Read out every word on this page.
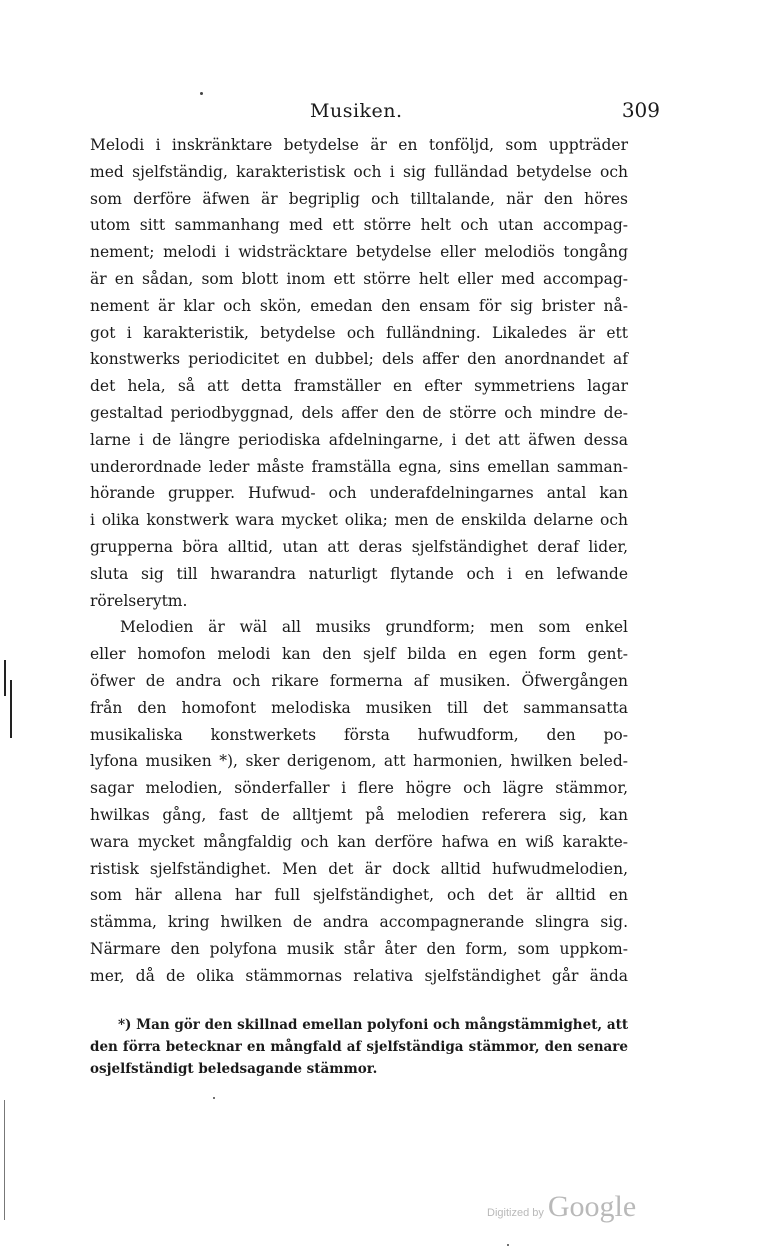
Musiken.	309
Melodi i inskränktare betydelse är en tonföljd, som uppträder
med sjelfständig, karakteristisk och i sig fulländad betydelse och
som derföre äfwen är begriplig och tilltalande, när den höres
utom sitt sammanhang med ett större helt och utan accompag-
nement; melodi i widsträcktare betydelse eller melodiös tongång
är en sådan, som blott inom ett större helt eller med accompag-
nement är klar och skön, emedan den ensam för sig brister nå-
got i karakteristik, betydelse och fulländning. Likaledes är ett
konstwerks periodicitet en dubbel; dels affer den anordnandet af
det hela, så att detta framställer en efter symmetriens lagar
gestaltad periodbyggnad, dels affer den de större och mindre de-
larne i de längre periodiska afdelningarne, i det att äfwen dessa
underordnade leder måste framställa egna, sins emellan samman-
hörande grupper. Hufwud- och underafdelningarnes antal kan
i olika konstwerk wara mycket olika; men de enskilda delarne och
grupperna böra alltid, utan att deras sjelfständighet deraf lider,
sluta sig till hwarandra naturligt flytande och i en lefwande
rörelserytm.
Melodien är wäl all musiks grundform; men som enkel
eller homofon melodi kan den sjelf bilda en egen form gent-
öfwer de andra och rikare formerna af musiken. Öfwergången
från den homofont melodiska musiken till det sammansatta
musikaliska konstwerkets första hufwudform, den po-
lyfona musiken *), sker derigenom, att harmonien, hwilken beled-
sagar melodien, sönderfaller i flere högre och lägre stämmor,
hwilkas gång, fast de alltjemt på melodien referera sig, kan
wara mycket mångfaldig och kan derföre hafwa en wiß karakte-
ristisk sjelfständighet. Men det är dock alltid hufwudmelodien,
som här allena har full sjelfständighet, och det är alltid en
stämma, kring hwilken de andra accompagnerande slingra sig.
Närmare den polyfona musik står åter den form, som uppkom-
mer, då de olika stämmornas relativa sjelfständighet går ända
*) Man gör den skillnad emellan polyfoni och mångstämmighet, att
den förra betecknar en mångfald af sjelfständiga stämmor, den senare
osjelfständigt beledsagande stämmor.
Digitized by Google
